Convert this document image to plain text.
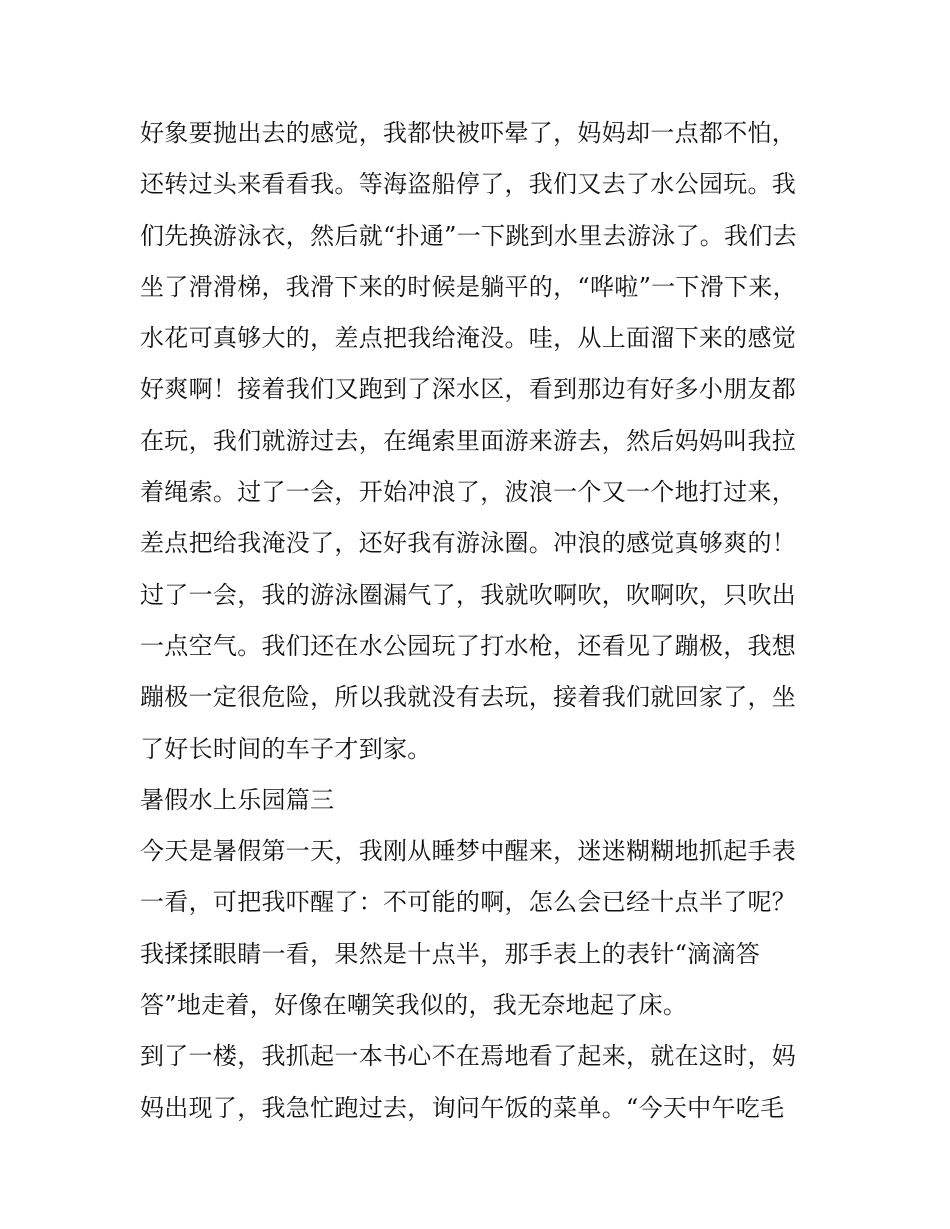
好象要抛出去的感觉，我都快被吓晕了，妈妈却一点都不怕，
还转过头来看看我。等海盗船停了，我们又去了水公园玩。我
们先换游泳衣，然后就“扑通”一下跳到水里去游泳了。我们去
坐了滑滑梯，我滑下来的时候是躺平的，“哗啦”一下滑下来，
水花可真够大的，差点把我给淹没。哇，从上面溜下来的感觉
好爽啊！接着我们又跑到了深水区，看到那边有好多小朋友都
在玩，我们就游过去，在绳索里面游来游去，然后妈妈叫我拉
着绳索。过了一会，开始冲浪了，波浪一个又一个地打过来，
差点把给我淹没了，还好我有游泳圈。冲浪的感觉真够爽的！
过了一会，我的游泳圈漏气了，我就吹啊吹，吹啊吹，只吹出
一点空气。我们还在水公园玩了打水枪，还看见了蹦极，我想
蹦极一定很危险，所以我就没有去玩，接着我们就回家了，坐
了好长时间的车子才到家。
暑假水上乐园篇三
今天是暑假第一天，我刚从睡梦中醒来，迷迷糊糊地抓起手表
一看，可把我吓醒了：不可能的啊，怎么会已经十点半了呢？
我揉揉眼睛一看，果然是十点半，那手表上的表针“滴滴答
答”地走着，好像在嘲笑我似的，我无奈地起了床。
到了一楼，我抓起一本书心不在焉地看了起来，就在这时，妈
妈出现了，我急忙跑过去，询问午饭的菜单。“今天中午吃毛
